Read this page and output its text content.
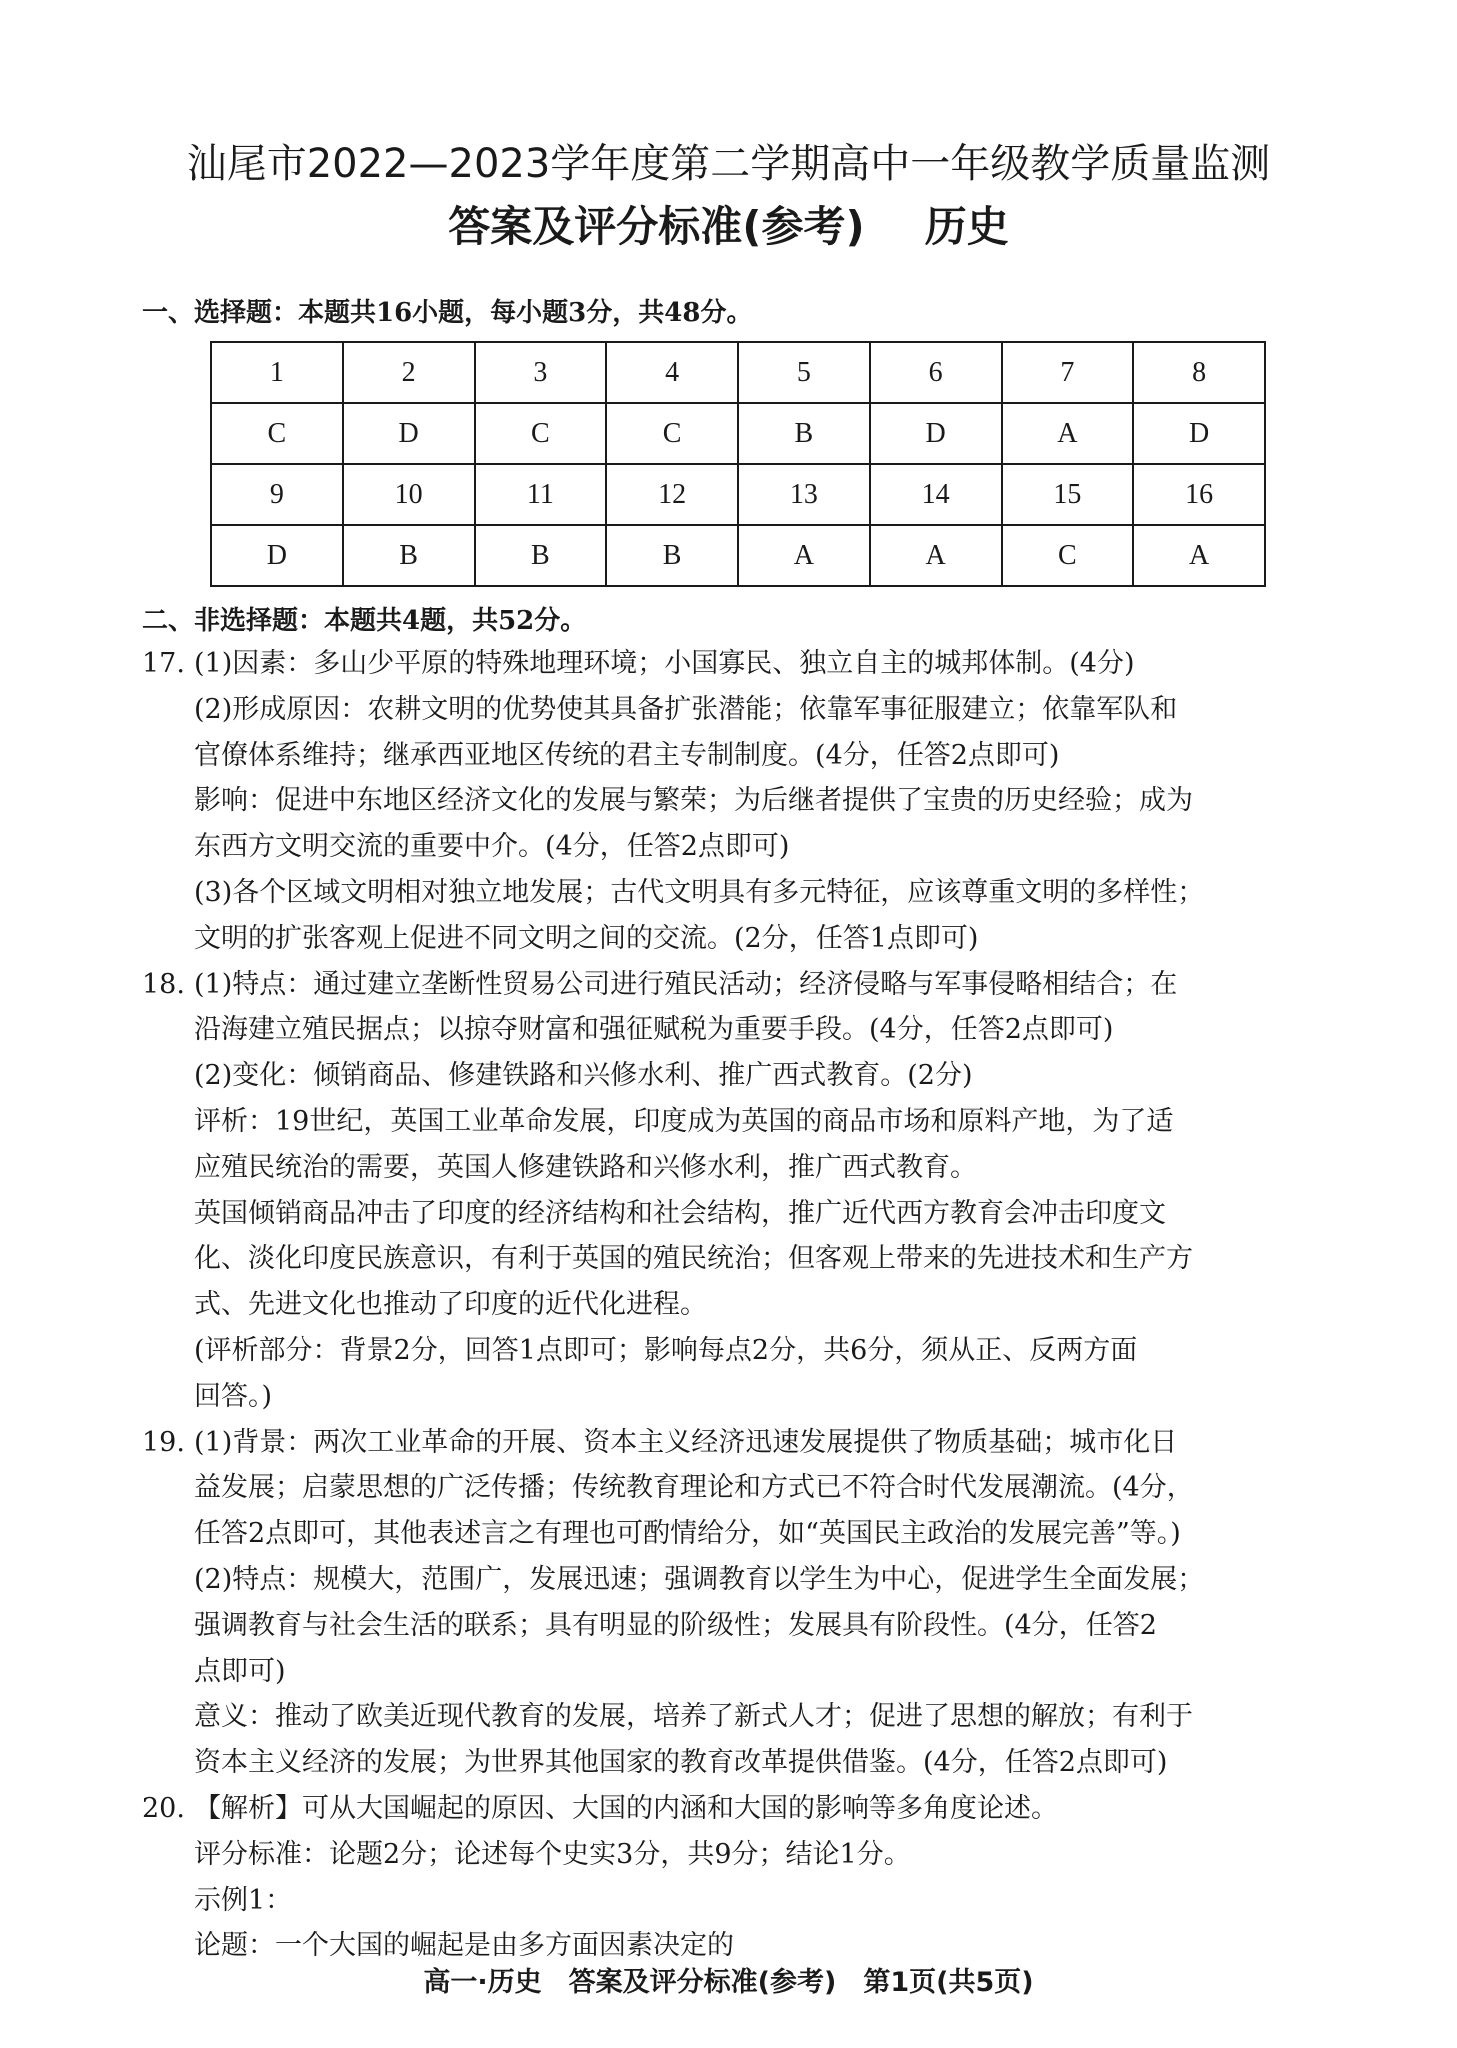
汕尾市2022—2023学年度第二学期高中一年级教学质量监测
答案及评分标准(参考) 历史
一、选择题：本题共16小题，每小题3分，共48分。
1	2	3	4	5	6	7	8
C	D	C	C	B	D	A	D
9	10	11	12	13	14	15	16
D	B	B	B	A	A	C	A
二、非选择题：本题共4题，共52分。
17. (1)因素：多山少平原的特殊地理环境；小国寡民、独立自主的城邦体制。(4分)
(2)形成原因：农耕文明的优势使其具备扩张潜能；依靠军事征服建立；依靠军队和
官僚体系维持；继承西亚地区传统的君主专制制度。(4分，任答2点即可)
影响：促进中东地区经济文化的发展与繁荣；为后继者提供了宝贵的历史经验；成为
东西方文明交流的重要中介。(4分，任答2点即可)
(3)各个区域文明相对独立地发展；古代文明具有多元特征，应该尊重文明的多样性；
文明的扩张客观上促进不同文明之间的交流。(2分，任答1点即可)
18. (1)特点：通过建立垄断性贸易公司进行殖民活动；经济侵略与军事侵略相结合；在
沿海建立殖民据点；以掠夺财富和强征赋税为重要手段。(4分，任答2点即可)
(2)变化：倾销商品、修建铁路和兴修水利、推广西式教育。(2分)
评析：19世纪，英国工业革命发展，印度成为英国的商品市场和原料产地，为了适
应殖民统治的需要，英国人修建铁路和兴修水利，推广西式教育。
英国倾销商品冲击了印度的经济结构和社会结构，推广近代西方教育会冲击印度文
化、淡化印度民族意识，有利于英国的殖民统治；但客观上带来的先进技术和生产方
式、先进文化也推动了印度的近代化进程。
(评析部分：背景2分，回答1点即可；影响每点2分，共6分，须从正、反两方面
回答。)
19. (1)背景：两次工业革命的开展、资本主义经济迅速发展提供了物质基础；城市化日
益发展；启蒙思想的广泛传播；传统教育理论和方式已不符合时代发展潮流。(4分，
任答2点即可，其他表述言之有理也可酌情给分，如“英国民主政治的发展完善”等。)
(2)特点：规模大，范围广，发展迅速；强调教育以学生为中心，促进学生全面发展；
强调教育与社会生活的联系；具有明显的阶级性；发展具有阶段性。(4分，任答2
点即可)
意义：推动了欧美近现代教育的发展，培养了新式人才；促进了思想的解放；有利于
资本主义经济的发展；为世界其他国家的教育改革提供借鉴。(4分，任答2点即可)
20. 【解析】可从大国崛起的原因、大国的内涵和大国的影响等多角度论述。
评分标准：论题2分；论述每个史实3分，共9分；结论1分。
示例1：
论题：一个大国的崛起是由多方面因素决定的
高一·历史　答案及评分标准(参考)　第1页(共5页)
